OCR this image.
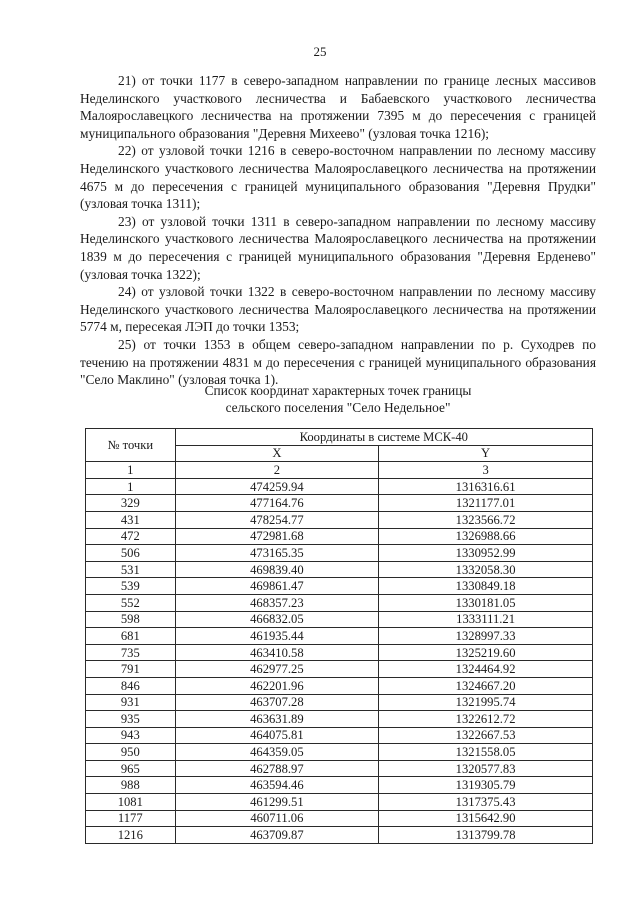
25

21) от точки 1177 в северо-западном направлении по границе лесных массивов Неделинского участкового лесничества и Бабаевского участкового лесничества Малоярославецкого лесничества на протяжении 7395 м до пересечения с границей муниципального образования "Деревня Михеево" (узловая точка 1216);

22) от узловой точки 1216 в северо-восточном направлении по лесному массиву Неделинского участкового лесничества Малоярославецкого лесничества на протяжении 4675 м до пересечения с границей муниципального образования "Деревня Прудки" (узловая точка 1311);

23) от узловой точки 1311 в северо-западном направлении по лесному массиву Неделинского участкового лесничества Малоярославецкого лесничества на протяжении 1839 м до пересечения с границей муниципального образования "Деревня Ерденево" (узловая точка 1322);

24) от узловой точки 1322 в северо-восточном направлении по лесному массиву Неделинского участкового лесничества Малоярославецкого лесничества на протяжении 5774 м, пересекая ЛЭП до точки 1353;

25) от точки 1353 в общем северо-западном направлении по р. Суходрев по течению на протяжении 4831 м до пересечения с границей муниципального образования "Село Маклино" (узловая точка 1).

Список координат характерных точек границы
сельского поселения "Село Недельное"
№ точки	Координаты в системе МСК-40	
	X	Y
1	2	3
1	474259.94	1316316.61
329	477164.76	1321177.01
431	478254.77	1323566.72
472	472981.68	1326988.66
506	473165.35	1330952.99
531	469839.40	1332058.30
539	469861.47	1330849.18
552	468357.23	1330181.05
598	466832.05	1333111.21
681	461935.44	1328997.33
735	463410.58	1325219.60
791	462977.25	1324464.92
846	462201.96	1324667.20
931	463707.28	1321995.74
935	463631.89	1322612.72
943	464075.81	1322667.53
950	464359.05	1321558.05
965	462788.97	1320577.83
988	463594.46	1319305.79
1081	461299.51	1317375.43
1177	460711.06	1315642.90
1216	463709.87	1313799.78
